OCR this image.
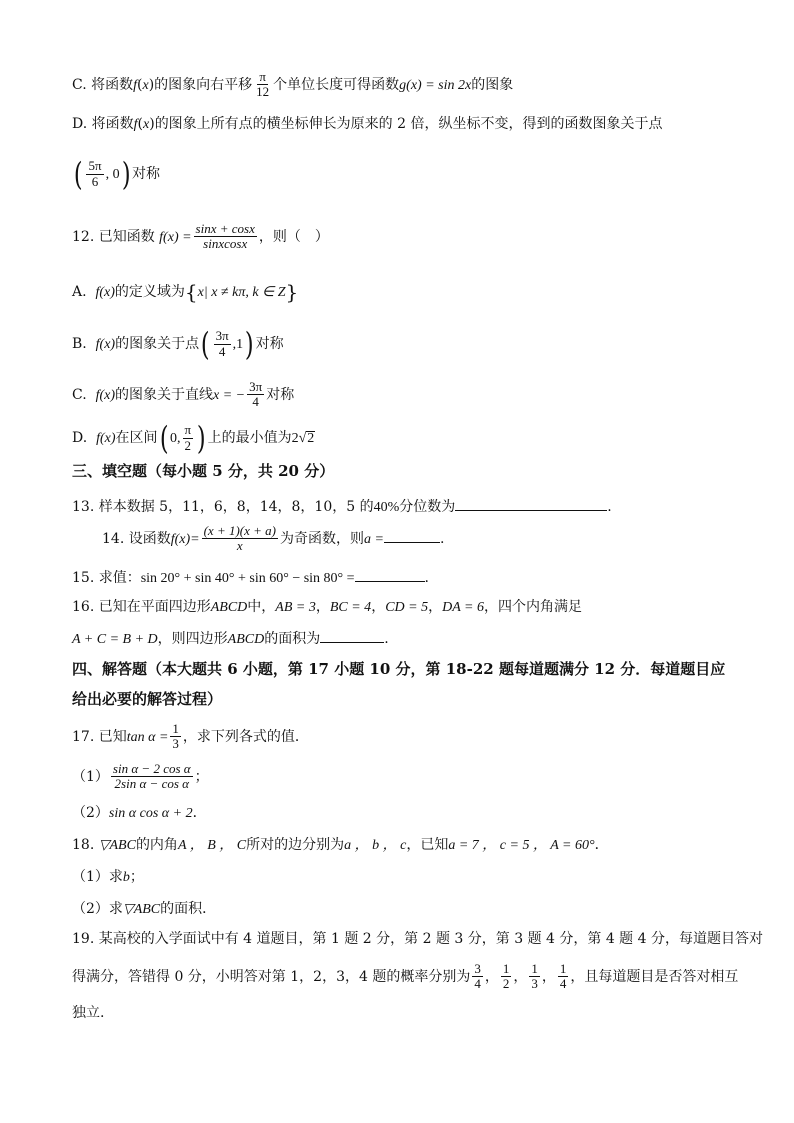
C. 将函数f(x)的图象向右平移 $\frac{\pi}{12}$ 个单位长度可得函数g(x) = sin 2x的图象
D. 将函数f(x)的图象上所有点的横坐标伸长为原来的 2 倍，纵坐标不变，得到的函数图象关于点
( $\frac{5\pi}{6}$ , 0) 对称
12. 已知函数 $f(x) = \frac{\sin x + \cos x}{\text{sinxcosx}}$ ，则（　）
A. f(x)的定义域为{x| x ≠ kπ, k ∈ Z}
B. f(x)的图象关于点( $\frac{3\pi}{4} ,1$) 对称
C. f(x)的图象关于直线x = − $\frac{3\pi}{4}$ 对称
D. f(x)在区间( 0, $\frac{\pi}{2}$ ) 上的最小值为2√2
三、填空题（每小题 5 分，共 20 分）
13. 样本数据 5，11，6，8，14，8，10，5 的40%分位数为	.
14. 设函数$f(x)= \frac{(x + 1)(x + a)}{x}$ 为奇函数，则a =	.
15. 求值：sin 20° + sin 40° + sin 60° − sin 80° =	.
16. 已知在平面四边形ABCD中，AB = 3，BC = 4，CD = 5，DA = 6，四个内角满足
A + C = B + D，则四边形ABCD的面积为	.
四、解答题（本大题共 6 小题，第 17 小题 10 分，第 18-22 题每道题满分 12 分．每道题目应
给出必要的解答过程）
17. 已知$\tan \alpha = \frac{1}{3}$ ，求下列各式的值．
$(1) \frac{\text{sin α − 2 cos α}}{\text{2sin α − cos α}}$ ；
（2）sin α cos α + 2．
18. ▽ABC的内角A ， B ， C所对的边分别为a ， b ， c，已知a = 7 ， c = 5 ， A = 60°．
（1）求b；
（2）求▽ABC的面积．
19. 某高校的入学面试中有 4 道题目，第 1 题 2 分，第 2 题 3 分，第 3 题 4 分，第 4 题 4 分，每道题目答对
得满分，答错得 0 分，小明答对第 1，2，3，4 题的概率分别为 $\frac{3}{4}$ ， $\frac{1}{2}$ ， $\frac{1}{3}$ ， $\frac{1}{4}$ ，且每道题目是否答对相互
独立.
